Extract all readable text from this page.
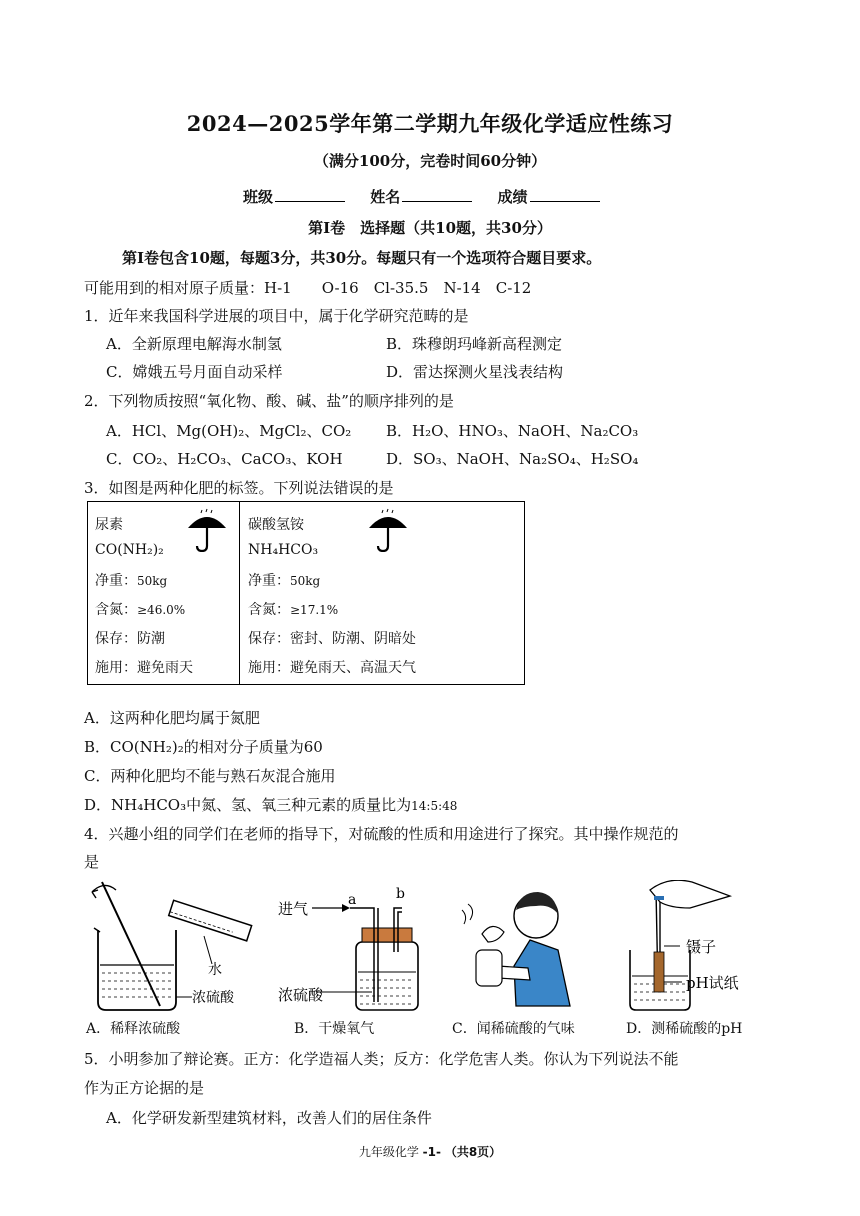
2024—2025学年第二学期九年级化学适应性练习
（满分100分，完卷时间60分钟）
班级	姓名	成绩
第I卷　选择题（共10题，共30分）
第I卷包含10题，每题3分，共30分。每题只有一个选项符合题目要求。
可能用到的相对原子质量：H-1　　O-16　Cl-35.5　N-14　C-12
1．近年来我国科学进展的项目中，属于化学研究范畴的是
A．全新原理电解海水制氢	B．珠穆朗玛峰新高程测定
C．嫦娥五号月面自动采样	D．雷达探测火星浅表结构
2．下列物质按照“氧化物、酸、碱、盐”的顺序排列的是
A．HCl、Mg(OH)₂、MgCl₂、CO₂ B．H₂O、HNO₃、NaOH、Na₂CO₃
C．CO₂、H₂CO₃、CaCO₃、KOH	D．SO₃、NaOH、Na₂SO₄、H₂SO₄
3．如图是两种化肥的标签。下列说法错误的是
尿素
CO(NH₂)₂
净重：50kg
含氮：≥46.0%
保存：防潮
施用：避免雨天
碳酸氢铵
NH₄HCO₃
净重：50kg
含氮：≥17.1%
保存：密封、防潮、阴暗处
施用：避免雨天、高温天气
A．这两种化肥均属于氮肥
B．CO(NH₂)₂的相对分子质量为60
C．两种化肥均不能与熟石灰混合施用
D．NH₄HCO₃中氮、氢、氧三种元素的质量比为14:5:48
4．兴趣小组的同学们在老师的指导下，对硫酸的性质和用途进行了探究。其中操作规范的
是
水
浓硫酸
进气	a	b
浓硫酸
镊子
pH试纸
A．稀释浓硫酸	B．干燥氧气	C．闻稀硫酸的气味	D．测稀硫酸的pH
5．小明参加了辩论赛。正方：化学造福人类；反方：化学危害人类。你认为下列说法不能
作为正方论据的是
A．化学研发新型建筑材料，改善人们的居住条件
九年级化学 -1- （共8页）
